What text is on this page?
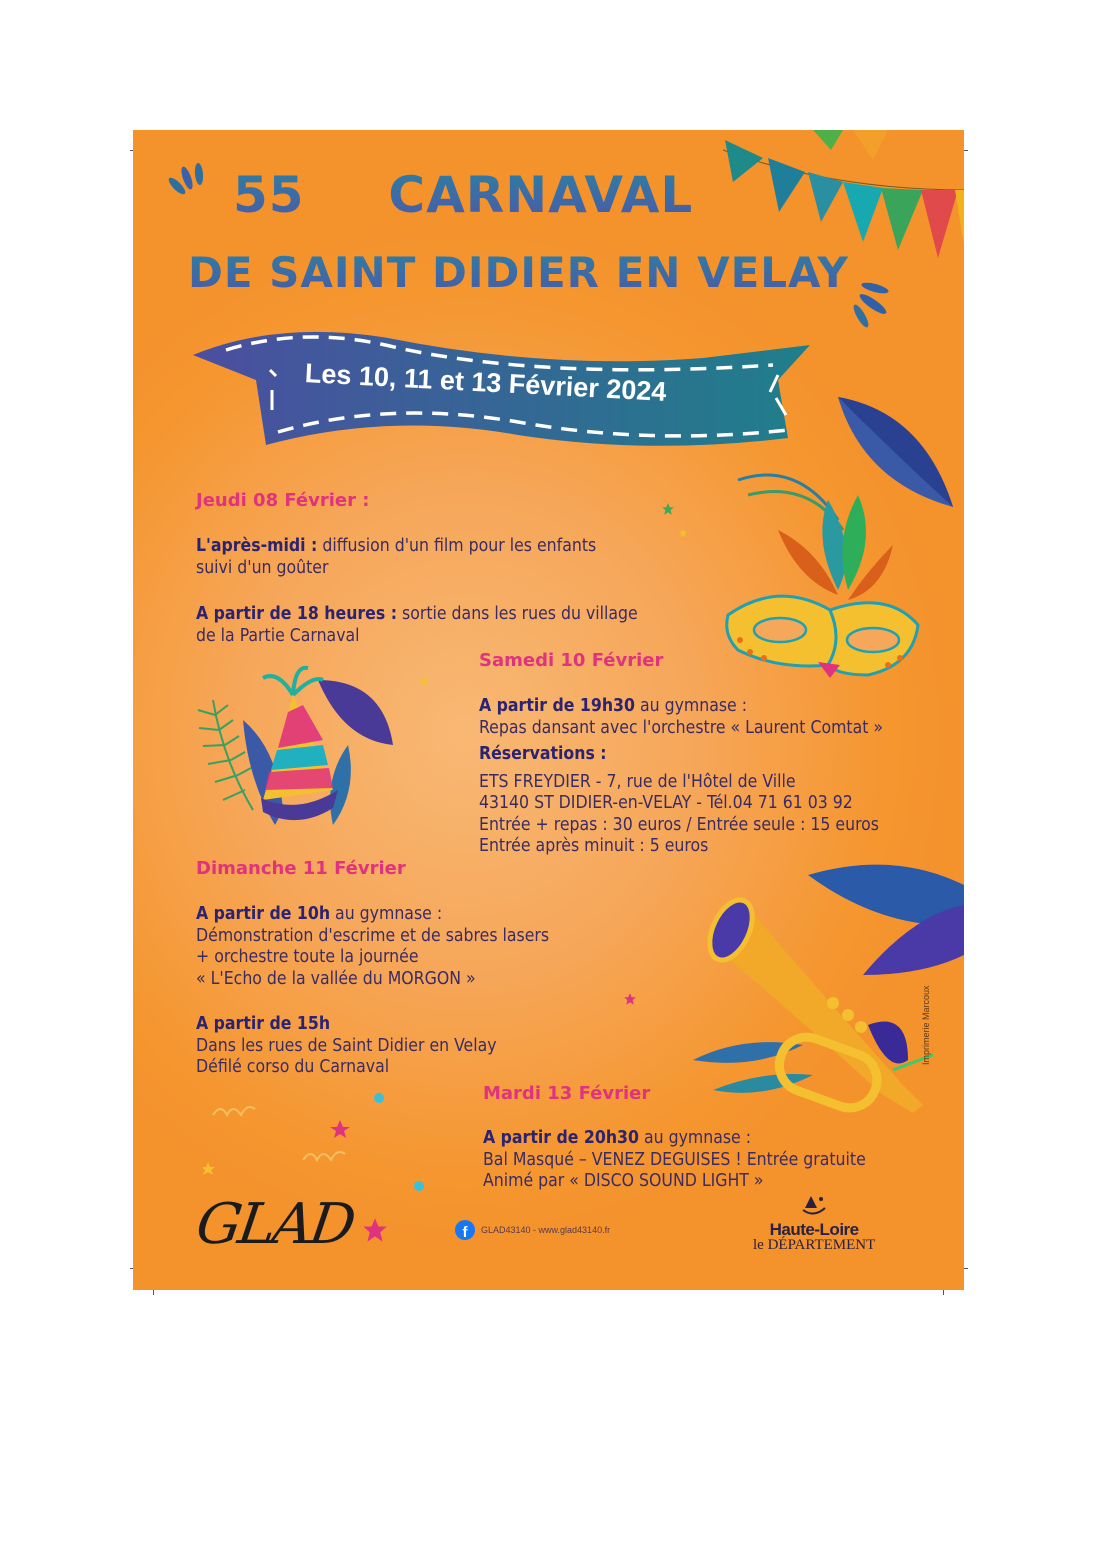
55eme CARNAVAL
DE SAINT DIDIER EN VELAY
Les 10, 11 et 13 Février 2024
Jeudi 08 Février :

L'après-midi : diffusion d'un film pour les enfants

suivi d'un goûter

A partir de 18 heures : sortie dans les rues du village

de la Partie Carnaval

Samedi 10 Février

A partir de 19h30 au gymnase :

Repas dansant avec l'orchestre « Laurent Comtat »

Réservations :

ETS FREYDIER - 7, rue de l'Hôtel de Ville

43140 ST DIDIER-en-VELAY - Tél.04 71 61 03 92

Entrée + repas : 30 euros / Entrée seule : 15 euros

Entrée après minuit : 5 euros

Dimanche 11 Février

A partir de 10h au gymnase :

Démonstration d'escrime et de sabres lasers

+ orchestre toute la journée

« L'Echo de la vallée du MORGON »

A partir de 15h

Dans les rues de Saint Didier en Velay

Défilé corso du Carnaval

Imprimerie Marcoux
Mardi 13 Février

A partir de 20h30 au gymnase :

Bal Masqué – VENEZ DEGUISES ! Entrée gratuite

Animé par « DISCO SOUND LIGHT »

GLAD	f	GLAD43140 - www.glad43140.fr	Haute-Loire
le DÉPARTEMENT
